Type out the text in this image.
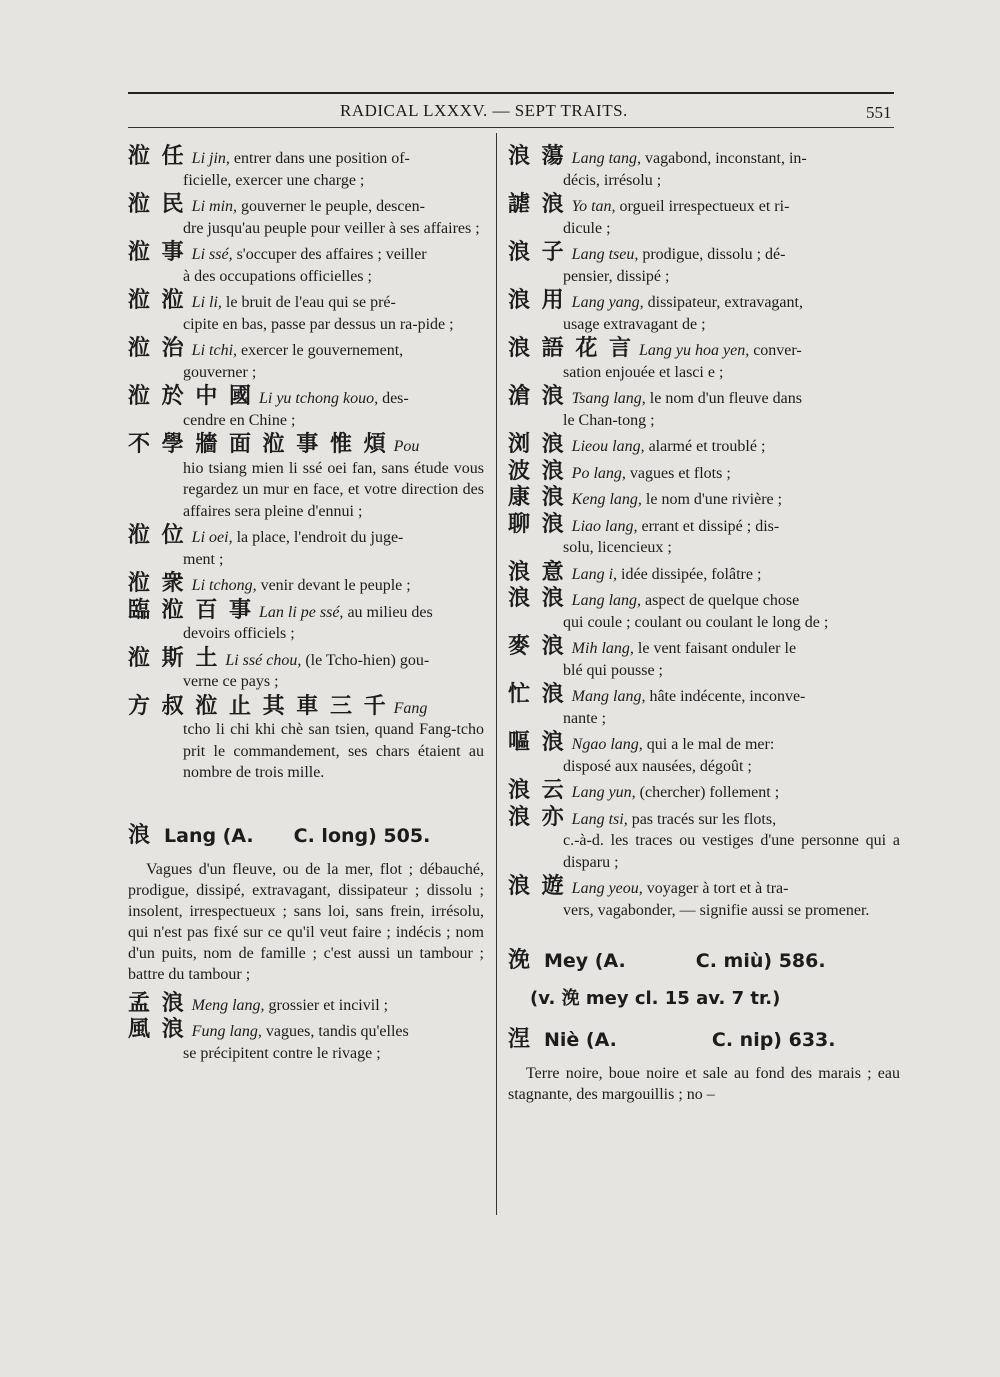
RADICAL LXXXV. — SEPT TRAITS.	551
涖 任 Li jin, entrer dans une position of-
ficielle, exercer une charge ;
涖 民 Li min, gouverner le peuple, descen-
dre jusqu'au peuple pour veiller à ses affaires ;
涖 事 Li ssé, s'occuper des affaires ; veiller
à des occupations officielles ;
涖 涖 Li li, le bruit de l'eau qui se pré-
cipite en bas, passe par dessus un ra-pide ;
涖 治 Li tchi, exercer le gouvernement,
gouverner ;
涖 於 中 國 Li yu tchong kouo, des-
cendre en Chine ;
不 學 牆 面 涖 事 惟 煩 Pou
hio tsiang mien li ssé oei fan, sans étude vous regardez un mur en face, et votre direction des affaires sera pleine d'ennui ;
涖 位 Li oei, la place, l'endroit du juge-
ment ;
涖 衆 Li tchong, venir devant le peuple ;
臨 涖 百 事 Lan li pe ssé, au milieu des
devoirs officiels ;
涖 斯 土 Li ssé chou, (le Tcho-hien) gou-
verne ce pays ;
方 叔 涖 止 其 車 三 千 Fang
tcho li chi khi chè san tsien, quand Fang-tcho prit le commandement, ses chars étaient au nombre de trois mille.
浪 Lang (A. C. long) 505.

Vagues d'un fleuve, ou de la mer, flot ; débauché, prodigue, dissipé, extravagant, dissipateur ; dissolu ; insolent, irrespectueux ; sans loi, sans frein, irrésolu, qui n'est pas fixé sur ce qu'il veut faire ; indécis ; nom d'un puits, nom de famille ; c'est aussi un tambour ; battre du tambour ;

孟 浪 Meng lang, grossier et incivil ;
風 浪 Fung lang, vagues, tandis qu'elles
se précipitent contre le rivage ;
浪 蕩 Lang tang, vagabond, inconstant, in-
décis, irrésolu ;
謔 浪 Yo tan, orgueil irrespectueux et ri-
dicule ;
浪 子 Lang tseu, prodigue, dissolu ; dé-
pensier, dissipé ;
浪 用 Lang yang, dissipateur, extravagant,
usage extravagant de ;
浪 語 花 言 Lang yu hoa yen, conver-
sation enjouée et lasci e ;
滄 浪 Tsang lang, le nom d'un fleuve dans
le Chan-tong ;
浏 浪 Lieou lang, alarmé et troublé ;
波 浪 Po lang, vagues et flots ;
康 浪 Keng lang, le nom d'une rivière ;
聊 浪 Liao lang, errant et dissipé ; dis-
solu, licencieux ;
浪 意 Lang i, idée dissipée, folâtre ;
浪 浪 Lang lang, aspect de quelque chose
qui coule ; coulant ou coulant le long de ;
麥 浪 Mih lang, le vent faisant onduler le
blé qui pousse ;
忙 浪 Mang lang, hâte indécente, inconve-
nante ;
嘔 浪 Ngao lang, qui a le mal de mer:
disposé aux nausées, dégoût ;
浪 云 Lang yun, (chercher) follement ;
浪 亦 Lang tsi, pas tracés sur les flots,
c.-à-d. les traces ou vestiges d'une personne qui a disparu ;
浪 遊 Lang yeou, voyager à tort et à tra-
vers, vagabonder, — signifie aussi se promener.
浼 Mey (A.	C. miù) 586.
(v. 浼 mey cl. 15 av. 7 tr.)
涅 Niè (A.	C. nip) 633.

Terre noire, boue noire et sale au fond des marais ; eau stagnante, des margouillis ; no –
